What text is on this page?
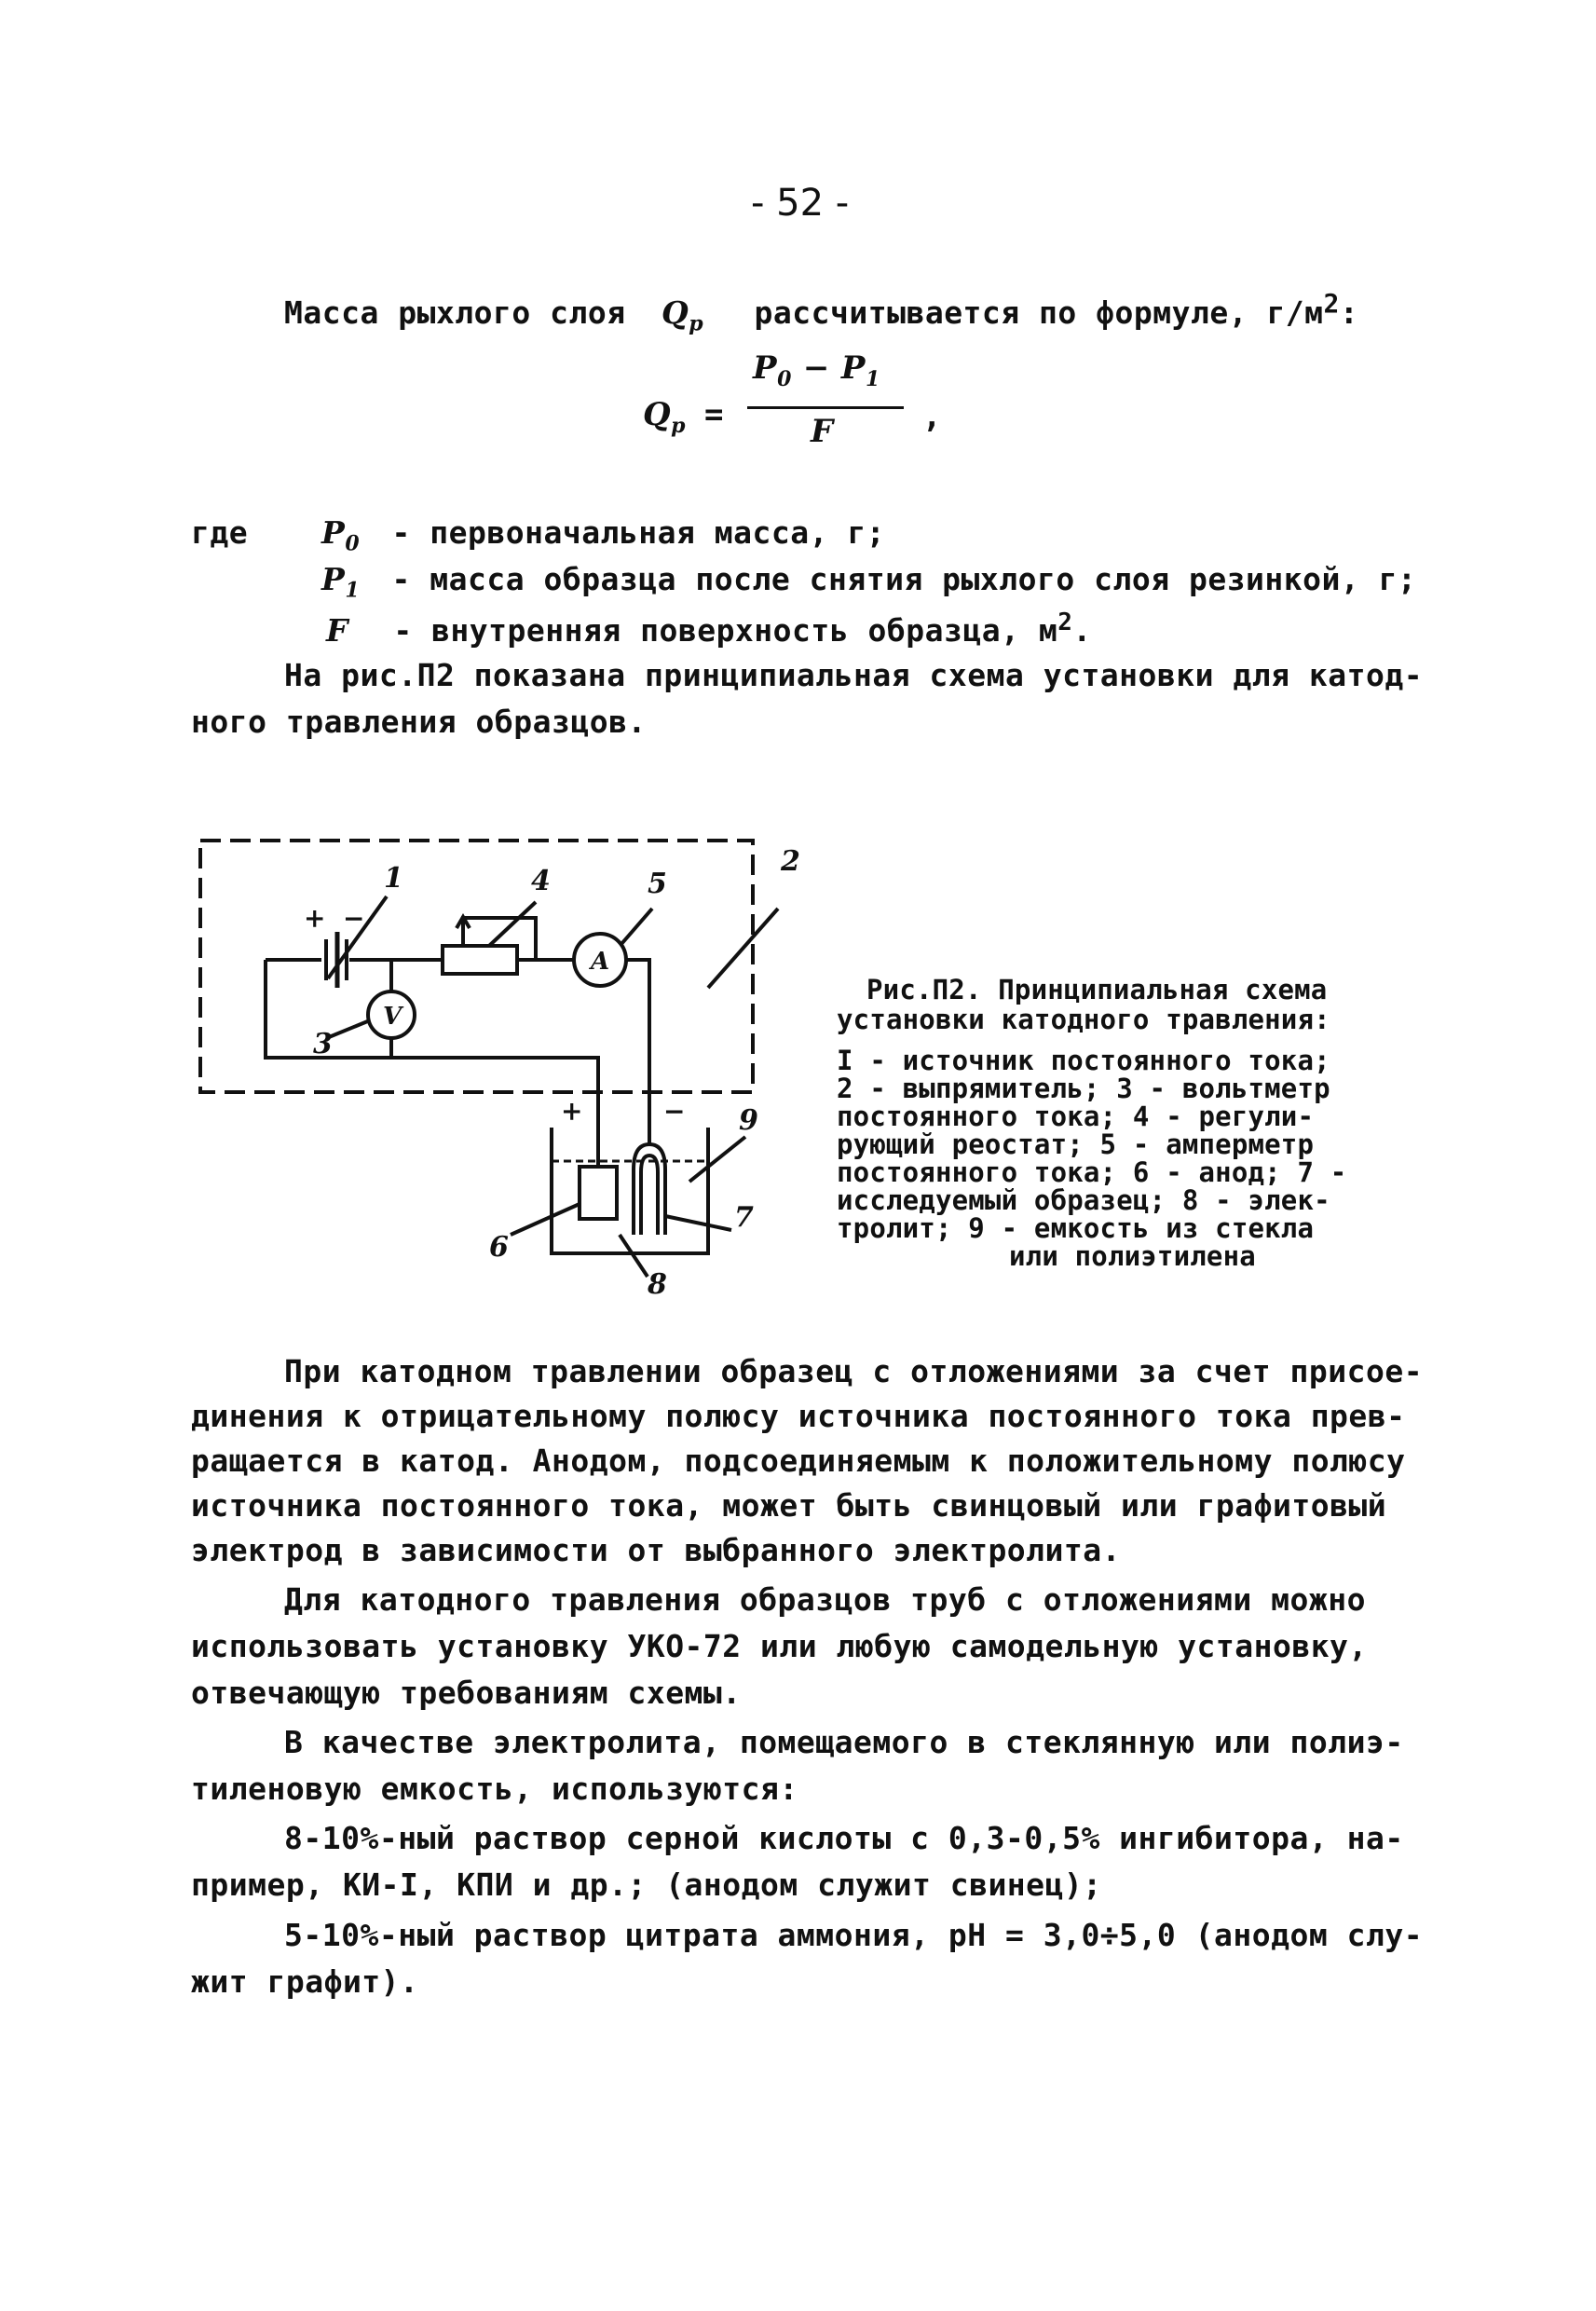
- 52 -
Масса рыхлого слоя $Q_р$ рассчитывается по формуле, $г/м^2$:
$Q_р$ =
$P_0 - P_1$
F	,
где $P_0$ - первоначальная масса, г;
$P_1$ - масса образца после снятия рыхлого слоя резинкой, г;
F - внутренняя поверхность образца, $м^2$.
На рис.П2 показана принципиальная схема установки для катод-
ного травления образцов.
1
2
3
4	5
6
7
8
9
V
A
+ −
+	−
Рис.П2. Принципиальная схема
установки катодного травления:
I - источник постоянного тока;
2 - выпрямитель; 3 - вольтметр
постоянного тока; 4 - регули-
рующий реостат; 5 - амперметр
постоянного тока; 6 - анод; 7 -
исследуемый образец; 8 - элек-
тролит; 9 - емкость из стекла
или полиэтилена
При катодном травлении образец с отложениями за счет присое-
динения к отрицательному полюсу источника постоянного тока прев-
ращается в катод. Анодом, подсоединяемым к положительному полюсу
источника постоянного тока, может быть свинцовый или графитовый
электрод в зависимости от выбранного электролита.
Для катодного травления образцов труб с отложениями можно
использовать установку УКО-72 или любую самодельную установку,
отвечающую требованиям схемы.
В качестве электролита, помещаемого в стеклянную или полиэ-
тиленовую емкость, используются:
8-10%-ный раствор серной кислоты с 0,3-0,5% ингибитора, на-
пример, КИ-I, КПИ и др.; (анодом служит свинец);
5-10%-ный раствор цитрата аммония, pH = 3,0÷5,0 (анодом слу-
жит графит).
